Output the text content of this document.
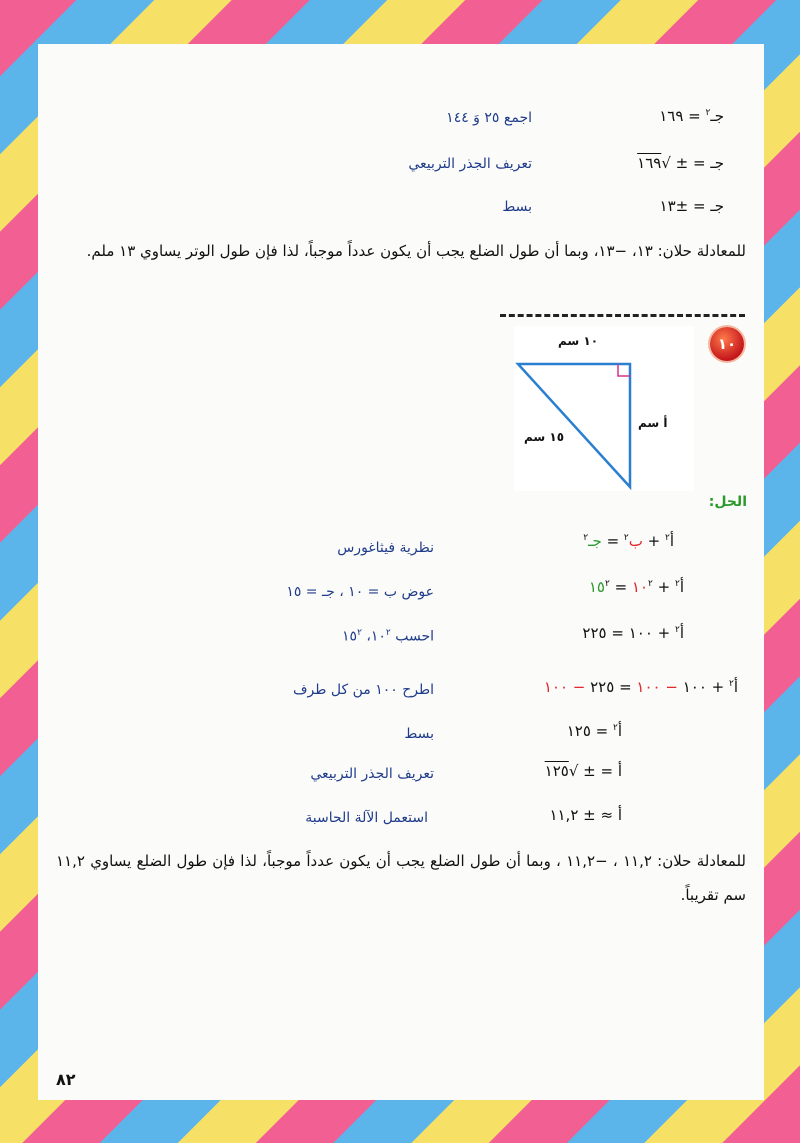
جـ$^٢$ = ١٦٩
اجمع ٢٥ وَ ١٤٤
جـ = ± √١٦٩
تعريف الجذر التربيعي
جـ = ±١٣
بسط
للمعادلة حلان: ١٣، −١٣، وبما أن طول الضلع يجب أن يكون عدداً موجباً، لذا فإن طول الوتر يساوي ١٣ ملم.
١٠
١٠ سم
أ سم
١٥ سم
الحل:
أ$^٢$ + ب$^٢$ = جـ$^٢$
نظرية فيثاغورس
أ$^٢$ + $١٠^٢$ = $١٥^٢$
عوض ب = ١٠ ، جـ = ١٥
أ$^٢$ + ١٠٠ = ٢٢٥
احسب $١٠^٢،$ $١٥^٢$
أ$^٢$ + ١٠٠ − ١٠٠ = ٢٢٥ − ١٠٠
اطرح ١٠٠ من كل طرف
أ$^٢$ = ١٢٥
بسط
أ = ± √١٢٥
تعريف الجذر التربيعي
أ ≈ ± ١١,٢
استعمل الآلة الحاسبة
للمعادلة حلان: ١١,٢ ، −١١,٢ ، وبما أن طول الضلع يجب أن يكون عدداً موجباً، لذا فإن طول الضلع يساوي ١١,٢ سم تقريباً.
٨٢
